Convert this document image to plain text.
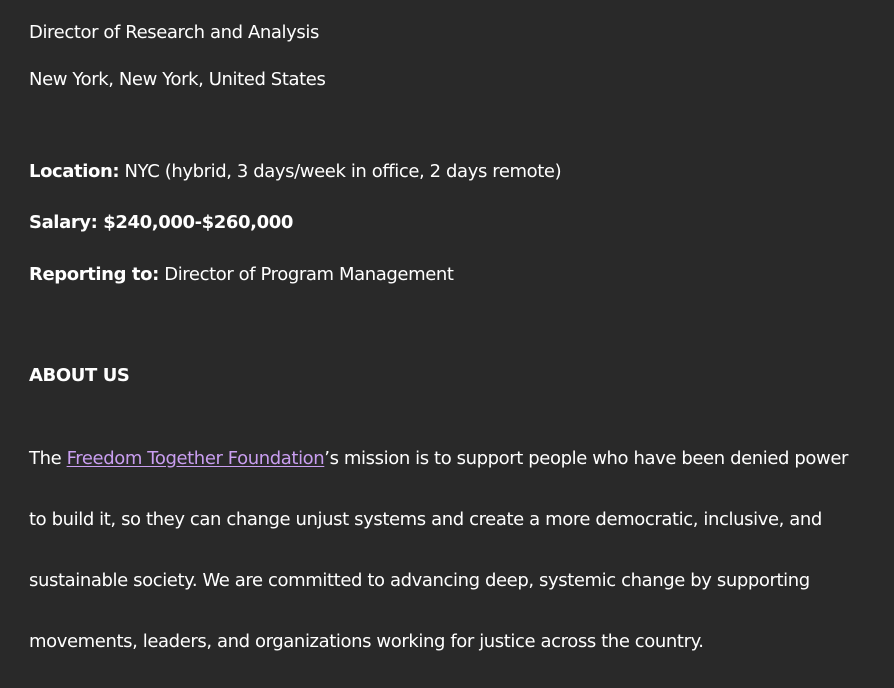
Director of Research and Analysis
New York, New York, United States
Location: NYC (hybrid, 3 days/week in office, 2 days remote)
Salary: $240,000-$260,000
Reporting to: Director of Program Management
ABOUT US

The Freedom Together Foundation’s mission is to support people who have been denied power

to build it, so they can change unjust systems and create a more democratic, inclusive, and

sustainable society. We are committed to advancing deep, systemic change by supporting

movements, leaders, and organizations working for justice across the country.
